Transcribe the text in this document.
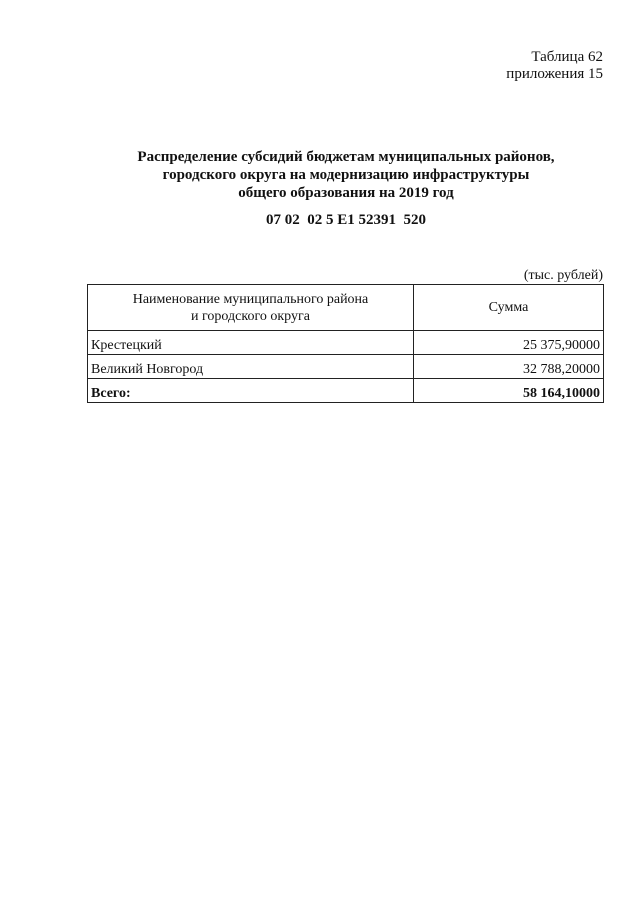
Таблица 62
приложения 15
Распределение субсидий бюджетам муниципальных районов,
городского округа на модернизацию инфраструктуры
общего образования на 2019 год
07 02  02 5 E1 52391  520
(тыс. рублей)
Наименование муниципального района
и городского округа	Сумма
Крестецкий	25 375,90000
Великий Новгород	32 788,20000
Всего:	58 164,10000
